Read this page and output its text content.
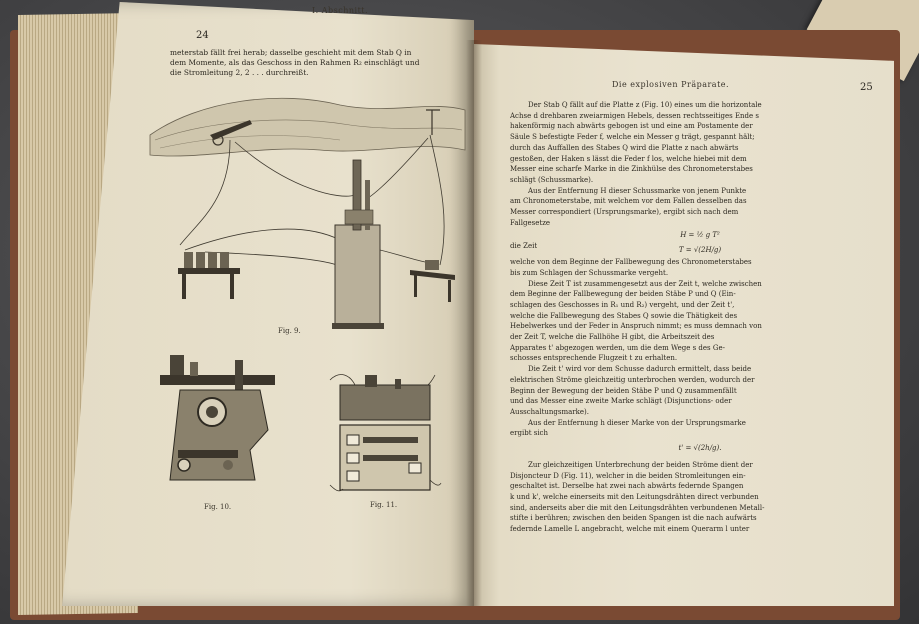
24
I. Abschnitt.
meterstab fällt frei herab; dasselbe geschieht mit dem Stab Q in
dem Momente, als das Geschoss in den Rahmen R₂ einschlägt und
die Stromleitung 2, 2 . . . durchreißt.
Fig. 9.
Fig. 10.	Fig. 11.
Die explosiven Präparate.	25
Der Stab Q fällt auf die Platte z (Fig. 10) eines um die horizontale
Achse d drehbaren zweiarmigen Hebels, dessen rechtsseitiges Ende s
hakenförmig nach abwärts gebogen ist und eine am Postamente der
Säule S befestigte Feder f, welche ein Messer g trägt, gespannt hält;
durch das Auffallen des Stabes Q wird die Platte z nach abwärts
gestoßen, der Haken s lässt die Feder f los, welche hiebei mit dem
Messer eine scharfe Marke in die Zinkhülse des Chronometerstabes
schlägt (Schussmarke).
Aus der Entfernung H dieser Schussmarke von jenem Punkte
am Chronometerstabe, mit welchem vor dem Fallen desselben das
Messer correspondiert (Ursprungsmarke), ergibt sich nach dem
Fallgesetze
H = ½ g T²
die Zeit	T = √(2H/g)
welche von dem Beginne der Fallbewegung des Chronometerstabes
bis zum Schlagen der Schussmarke vergeht.
Diese Zeit T ist zusammengesetzt aus der Zeit t, welche zwischen
dem Beginne der Fallbewegung der beiden Stäbe P und Q (Ein-
schlagen des Geschosses in R₁ und R₂) vergeht, und der Zeit t',
welche die Fallbewegung des Stabes Q sowie die Thätigkeit des
Hebelwerkes und der Feder in Anspruch nimmt; es muss demnach von
der Zeit T, welche die Fallhöhe H gibt, die Arbeitszeit des
Apparates t' abgezogen werden, um die dem Wege s des Ge-
schosses entsprechende Flugzeit t zu erhalten.
Die Zeit t' wird vor dem Schusse dadurch ermittelt, dass beide
elektrischen Ströme gleichzeitig unterbrochen werden, wodurch der
Beginn der Bewegung der beiden Stäbe P und Q zusammenfällt
und das Messer eine zweite Marke schlägt (Disjunctions- oder
Ausschaltungsmarke).
Aus der Entfernung h dieser Marke von der Ursprungsmarke
ergibt sich
t' = √(2h/g).
Zur gleichzeitigen Unterbrechung der beiden Ströme dient der
Disjoncteur D (Fig. 11), welcher in die beiden Stromleitungen ein-
geschaltet ist. Derselbe hat zwei nach abwärts federnde Spangen
k und k', welche einerseits mit den Leitungsdrähten direct verbunden
sind, anderseits aber die mit den Leitungsdrähten verbundenen Metall-
stifte i berühren; zwischen den beiden Spangen ist die nach aufwärts
federnde Lamelle L angebracht, welche mit einem Querarm l unter
